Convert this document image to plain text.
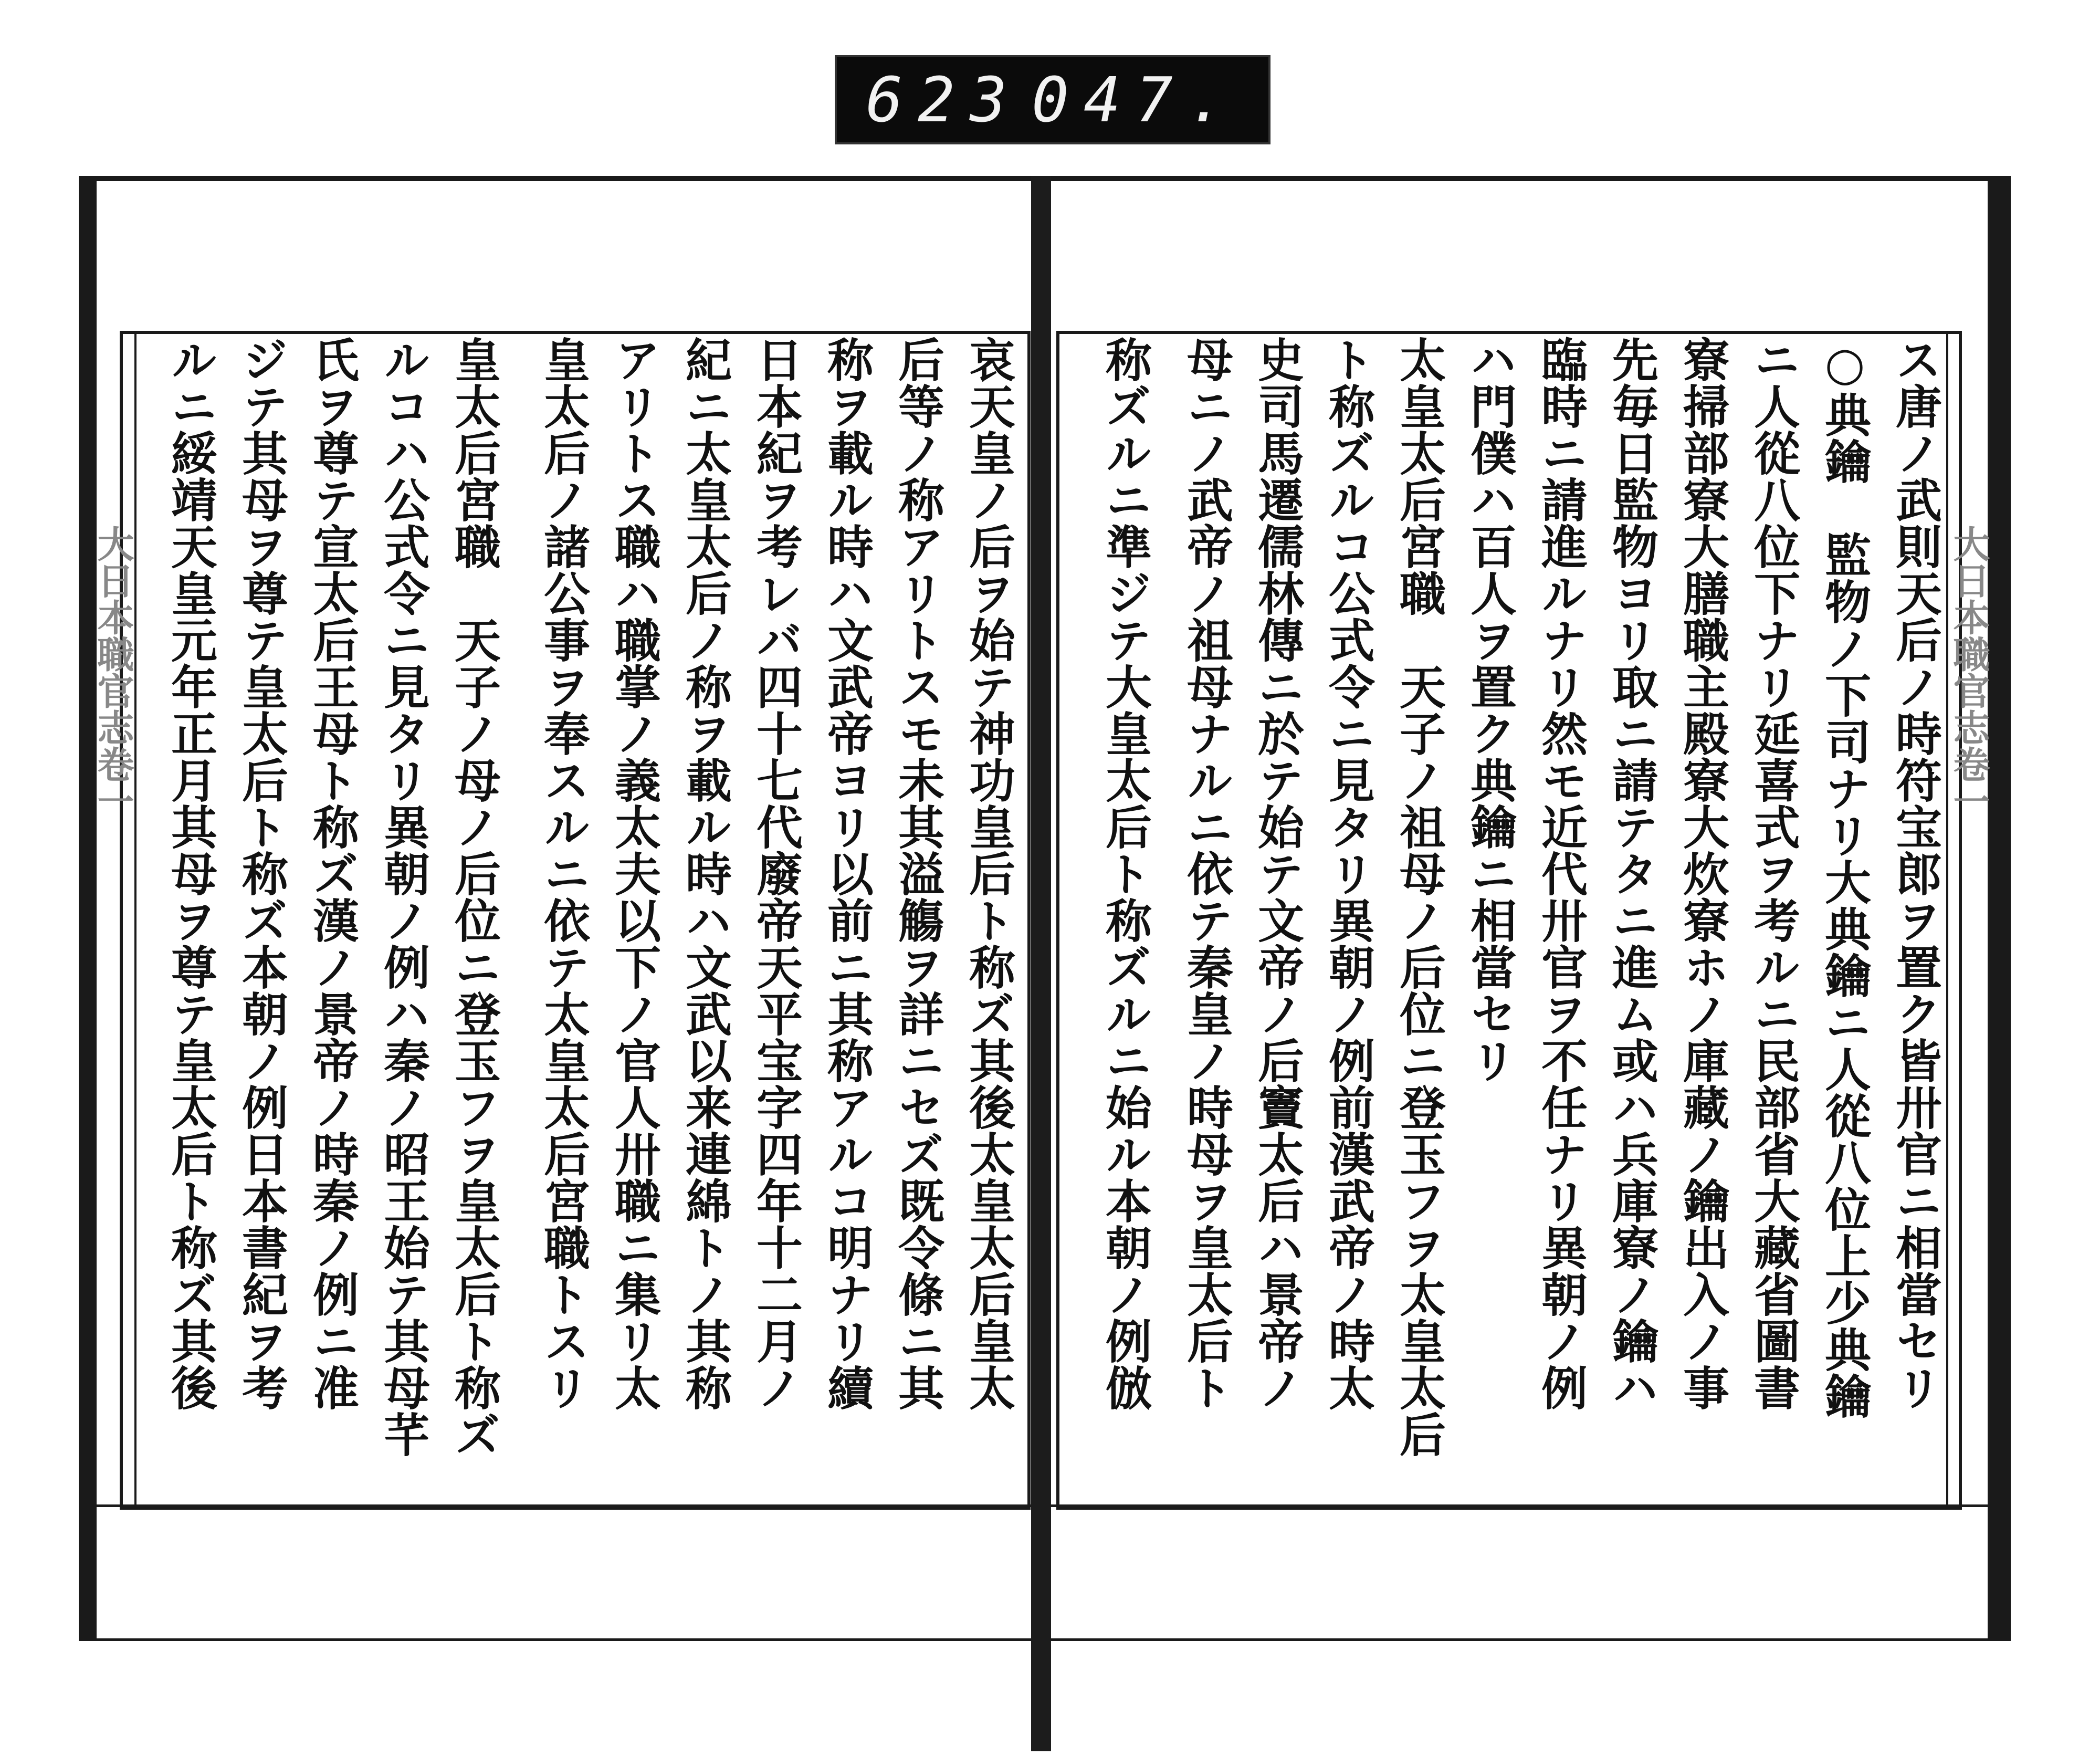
623 047.
大日本職官志卷一	大日本職官志卷一
ス唐ノ武則天后ノ時符宝郎ヲ置ク皆卅官ニ相當セリ
○典鑰　監物ノ下司ナリ大典鑰ニ人從八位上少典鑰
ニ人從八位下ナリ延喜式ヲ考ルニ民部省大藏省圖書
寮掃部寮大膳職主殿寮大炊寮ホノ庫藏ノ鑰出入ノ事
先毎日監物ヨリ取ニ請テタニ進ム或ハ兵庫寮ノ鑰ハ
臨時ニ請進ルナリ然モ近代卅官ヲ不任ナリ異朝ノ例
ハ門僕ハ百人ヲ置ク典鑰ニ相當セリ
太皇太后宮職　天子ノ祖母ノ后位ニ登玉フヲ太皇太后
ト称ズルコ公式令ニ見タリ異朝ノ例前漢武帝ノ時太
史司馬遷儒林傳ニ於テ始テ文帝ノ后竇太后ハ景帝ノ
母ニノ武帝ノ祖母ナルニ依テ秦皇ノ時母ヲ皇太后ト
称ズルニ準ジテ大皇太后ト称ズルニ始ル本朝ノ例倣
哀天皇ノ后ヲ始テ神功皇后ト称ズ其後太皇太后皇太
后等ノ称アリトスモ未其溢觴ヲ詳ニセズ既令條ニ其
称ヲ載ル時ハ文武帝ヨリ以前ニ其称アルコ明ナリ續
日本紀ヲ考レバ四十七代廢帝天平宝字四年十二月ノ
紀ニ太皇太后ノ称ヲ載ル時ハ文武以来連綿トノ其称
アリトス職ハ職掌ノ義太夫以下ノ官人卅職ニ集リ太
皇太后ノ諸公事ヲ奉スルニ依テ太皇太后宮職トスリ
皇太后宮職　天子ノ母ノ后位ニ登玉フヲ皇太后ト称ズ
ルコハ公式令ニ見タリ異朝ノ例ハ秦ノ昭王始テ其母芊
氏ヲ尊テ宣太后王母ト称ズ漢ノ景帝ノ時秦ノ例ニ准
ジテ其母ヲ尊テ皇太后ト称ズ本朝ノ例日本書紀ヲ考
ルニ綏靖天皇元年正月其母ヲ尊テ皇太后ト称ズ其後
